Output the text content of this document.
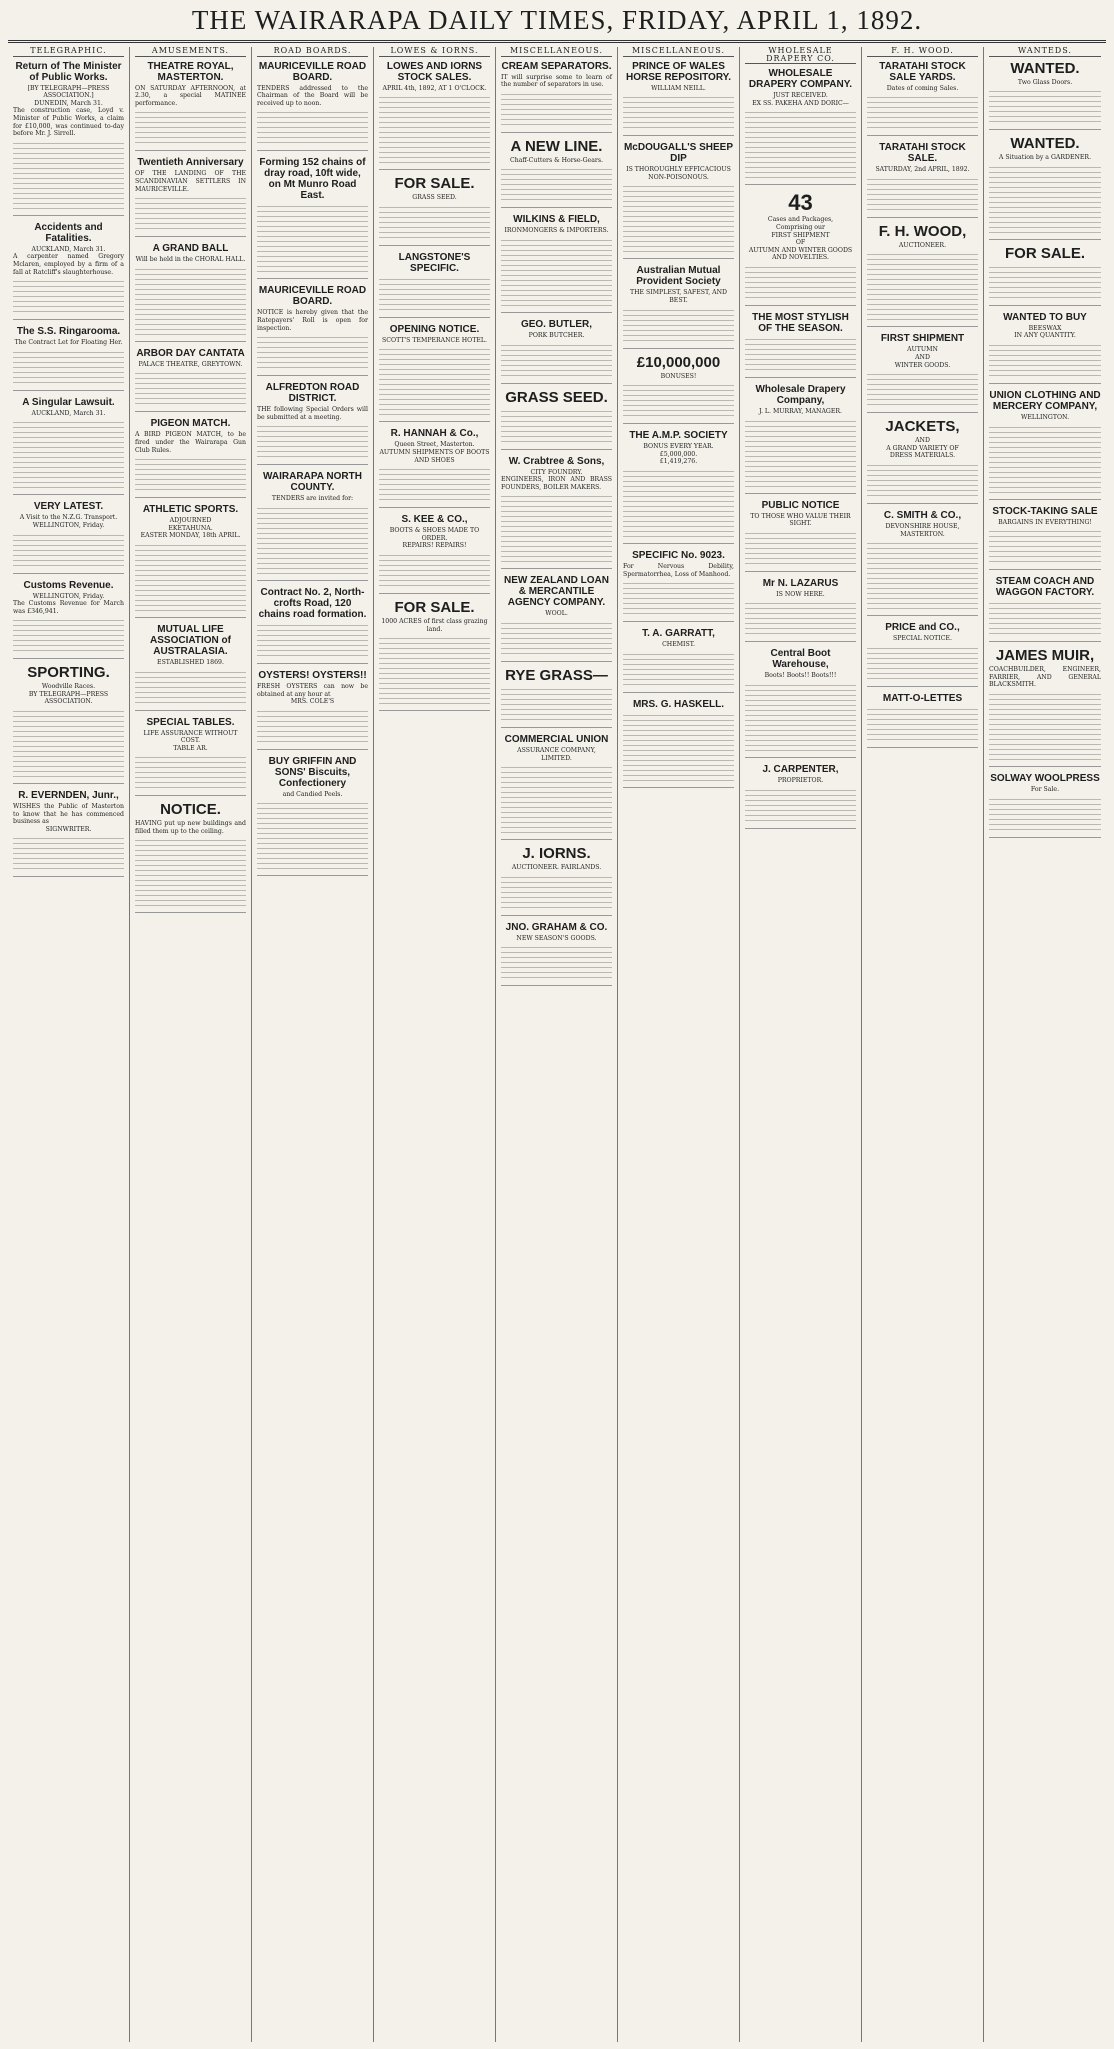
THE WAIRARAPA DAILY TIMES, FRIDAY, APRIL 1, 1892.
TELEGRAPHIC.
Return of The Minister of Public Works.
[BY TELEGRAPH—PRESS ASSOCIATION.]
DUNEDIN, March 31.
The construction case, Loyd v. Minister of Public Works, a claim for £10,000, was continued to-day before Mr. J. Sirrell.
Accidents and Fatalities.
AUCKLAND, March 31.
A carpenter named Gregory Mclaren, employed by a firm of a fall at Ratcliff's slaughterhouse.
The S.S. Ringarooma.
The Contract Let for Floating Her.
A Singular Lawsuit.
AUCKLAND, March 31.
VERY LATEST.
A Visit to the N.Z.G. Transport.
WELLINGTON, Friday.
Customs Revenue.
WELLINGTON, Friday.
The Customs Revenue for March was £346,941.
SPORTING.
Woodville Races.
BY TELEGRAPH—PRESS ASSOCIATION.
R. EVERNDEN, Junr.,
WISHES the Public of Masterton to know that he has commenced business as
SIGNWRITER.
AMUSEMENTS.
THEATRE ROYAL, MASTERTON.
ON SATURDAY AFTERNOON, at 2.30, a special MATINEE performance.
Twentieth Anniversary
OF THE LANDING OF THE SCANDINAVIAN SETTLERS IN MAURICEVILLE.
A GRAND BALL
Will be held in the CHORAL HALL.
ARBOR DAY CANTATA
PALACE THEATRE, GREYTOWN.
PIGEON MATCH.
A BIRD PIGEON MATCH, to be fired under the Wairarapa Gun Club Rules.
ATHLETIC SPORTS.
ADJOURNED
EKETAHUNA.
EASTER MONDAY, 18th APRIL.
MUTUAL LIFE ASSOCIATION of AUSTRALASIA.
ESTABLISHED 1869.
SPECIAL TABLES.
LIFE ASSURANCE WITHOUT COST.
TABLE AR.
NOTICE.
HAVING put up new buildings and filled them up to the ceiling.
ROAD BOARDS.
MAURICEVILLE ROAD BOARD.
TENDERS addressed to the Chairman of the Board will be received up to noon.
Forming 152 chains of dray road, 10ft wide, on Mt Munro Road East.
MAURICEVILLE ROAD BOARD.
NOTICE is hereby given that the Ratepayers' Roll is open for inspection.
ALFREDTON ROAD DISTRICT.
THE following Special Orders will be submitted at a meeting.
WAIRARAPA NORTH COUNTY.
TENDERS are invited for:
Contract No. 2, North-crofts Road, 120 chains road formation.
OYSTERS! OYSTERS!!
FRESH OYSTERS can now be obtained at any hour at
MRS. COLE'S
BUY GRIFFIN AND SONS' Biscuits, Confectionery
and Candied Peels.
LOWES & IORNS.
LOWES AND IORNS STOCK SALES.
APRIL 4th, 1892, AT 1 O'CLOCK.
FOR SALE.
GRASS SEED.
LANGSTONE'S SPECIFIC.
OPENING NOTICE.
SCOTT'S TEMPERANCE HOTEL.
R. HANNAH & Co.,
Queen Street, Masterton.
AUTUMN SHIPMENTS OF BOOTS AND SHOES
S. KEE & CO.,
BOOTS & SHOES MADE TO ORDER.
REPAIRS! REPAIRS!
FOR SALE.
1000 ACRES of first class grazing land.
MISCELLANEOUS.
CREAM SEPARATORS.
IT will surprise some to learn of the number of separators in use.
A NEW LINE.
Chaff-Cutters & Horse-Gears.
WILKINS & FIELD,
IRONMONGERS & IMPORTERS.
GEO. BUTLER,
PORK BUTCHER.
GRASS SEED.
W. Crabtree & Sons,
CITY FOUNDRY.
ENGINEERS, IRON AND BRASS FOUNDERS, BOILER MAKERS.
NEW ZEALAND LOAN & MERCANTILE AGENCY COMPANY.
WOOL.
RYE GRASS—
COMMERCIAL UNION
ASSURANCE COMPANY, LIMITED.
J. IORNS.
AUCTIONEER. FAIRLANDS.
JNO. GRAHAM & CO.
NEW SEASON'S GOODS.
MISCELLANEOUS.
PRINCE OF WALES HORSE REPOSITORY.
WILLIAM NEILL.
McDOUGALL'S SHEEP DIP
IS THOROUGHLY EFFICACIOUS
NON-POISONOUS.
Australian Mutual Provident Society
THE SIMPLEST, SAFEST, AND BEST.
£10,000,000
BONUSES!
THE A.M.P. SOCIETY
BONUS EVERY YEAR.
£5,000,000.
£1,419,276.
SPECIFIC No. 9023.
For Nervous Debility, Spermatorrhea, Loss of Manhood.
T. A. GARRATT,
CHEMIST.
MRS. G. HASKELL.
WHOLESALE DRAPERY CO.
WHOLESALE DRAPERY COMPANY.
JUST RECEIVED.
EX SS. PAKEHA AND DORIC—
43
Cases and Packages,
Comprising our
FIRST SHIPMENT
OF
AUTUMN AND WINTER GOODS
AND NOVELTIES.
THE MOST STYLISH OF THE SEASON.
Wholesale Drapery Company,
J. L. MURRAY, MANAGER.
PUBLIC NOTICE
TO THOSE WHO VALUE THEIR SIGHT.
Mr N. LAZARUS
IS NOW HERE.
Central Boot Warehouse,
Boots! Boots!! Boots!!!
J. CARPENTER,
PROPRIETOR.
F. H. WOOD.
TARATAHI STOCK SALE YARDS.
Dates of coming Sales.
TARATAHI STOCK SALE.
SATURDAY, 2nd APRIL, 1892.
F. H. WOOD,
AUCTIONEER.
FIRST SHIPMENT
AUTUMN
AND
WINTER GOODS.
JACKETS,
AND
A GRAND VARIETY OF
DRESS MATERIALS.
C. SMITH & CO.,
DEVONSHIRE HOUSE,
MASTERTON.
PRICE and CO.,
SPECIAL NOTICE.
MATT-O-LETTES
WANTEDS.
WANTED.
Two Glass Doors.
WANTED.
A Situation by a GARDENER.
FOR SALE.
WANTED TO BUY
BEESWAX
IN ANY QUANTITY.
UNION CLOTHING AND MERCERY COMPANY,
WELLINGTON.
STOCK-TAKING SALE
BARGAINS IN EVERYTHING!
STEAM COACH AND WAGGON FACTORY.
JAMES MUIR,
COACHBUILDER, ENGINEER, FARRIER, AND GENERAL BLACKSMITH.
SOLWAY WOOLPRESS
For Sale.
